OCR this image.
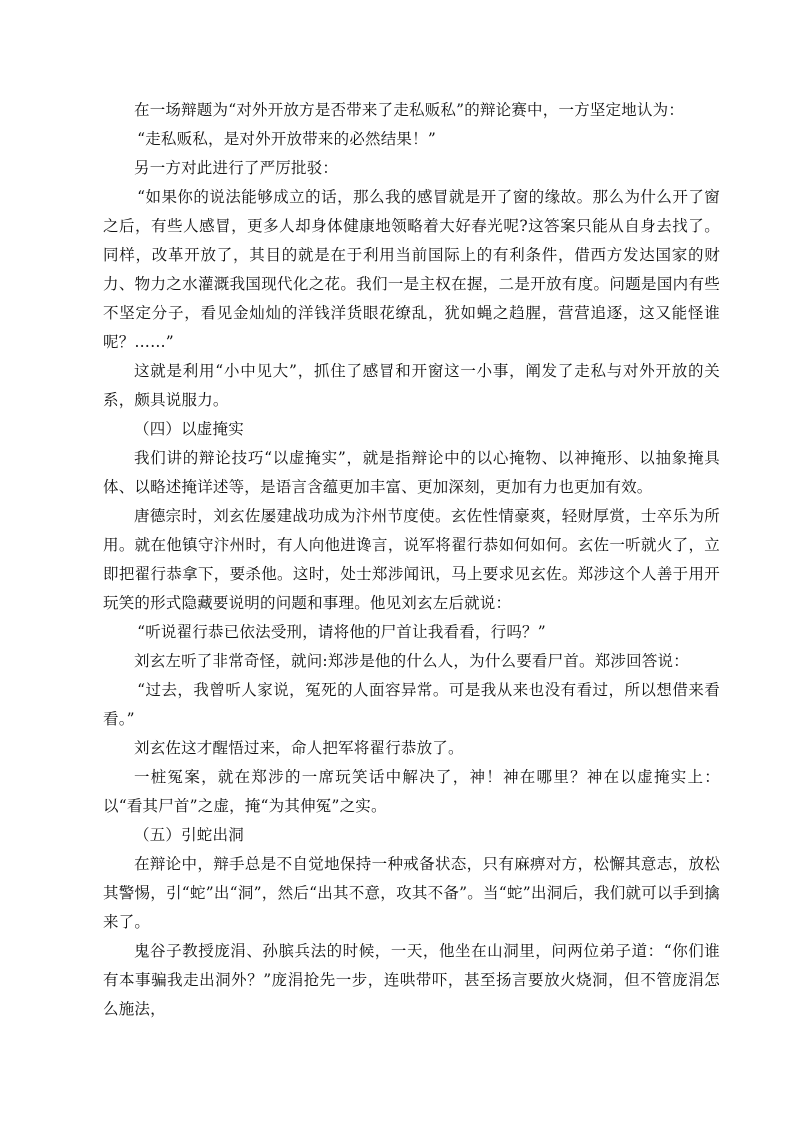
在一场辩题为“对外开放方是否带来了走私贩私”的辩论赛中，一方坚定地认为：

“走私贩私，是对外开放带来的必然结果！”

另一方对此进行了严厉批驳：

“如果你的说法能够成立的话，那么我的感冒就是开了窗的缘故。那么为什么开了窗之后，有些人感冒，更多人却身体健康地领略着大好春光呢?这答案只能从自身去找了。同样，改革开放了，其目的就是在于利用当前国际上的有利条件，借西方发达国家的财力、物力之水灌溉我国现代化之花。我们一是主权在握，二是开放有度。问题是国内有些不坚定分子，看见金灿灿的洋钱洋货眼花缭乱，犹如蝇之趋腥，营营追逐，这又能怪谁呢？……”

这就是利用“小中见大”，抓住了感冒和开窗这一小事，阐发了走私与对外开放的关系，颇具说服力。

（四）以虚掩实

我们讲的辩论技巧“以虚掩实”，就是指辩论中的以心掩物、以神掩形、以抽象掩具体、以略述掩详述等，是语言含蕴更加丰富、更加深刻，更加有力也更加有效。

唐德宗时，刘玄佐屡建战功成为汴州节度使。玄佐性情豪爽，轻财厚赏，士卒乐为所用。就在他镇守汴州时，有人向他进谗言，说军将翟行恭如何如何。玄佐一听就火了，立即把翟行恭拿下，要杀他。这时，处士郑涉闻讯，马上要求见玄佐。郑涉这个人善于用开玩笑的形式隐藏要说明的问题和事理。他见刘玄左后就说：

“听说翟行恭已依法受刑，请将他的尸首让我看看，行吗？”

刘玄左听了非常奇怪，就问:郑涉是他的什么人，为什么要看尸首。郑涉回答说：

“过去，我曾听人家说，冤死的人面容异常。可是我从来也没有看过，所以想借来看看。”

刘玄佐这才醒悟过来，命人把军将翟行恭放了。

一桩冤案，就在郑涉的一席玩笑话中解决了，神！神在哪里？神在以虚掩实上：以“看其尸首”之虚，掩“为其伸冤”之实。

（五）引蛇出洞

在辩论中，辩手总是不自觉地保持一种戒备状态，只有麻痹对方，松懈其意志，放松其警惕，引“蛇”出“洞”，然后“出其不意，攻其不备”。当“蛇”出洞后，我们就可以手到擒来了。

鬼谷子教授庞涓、孙膑兵法的时候，一天，他坐在山洞里，问两位弟子道：“你们谁有本事骗我走出洞外？”庞涓抢先一步，连哄带吓，甚至扬言要放火烧洞，但不管庞涓怎么施法，
